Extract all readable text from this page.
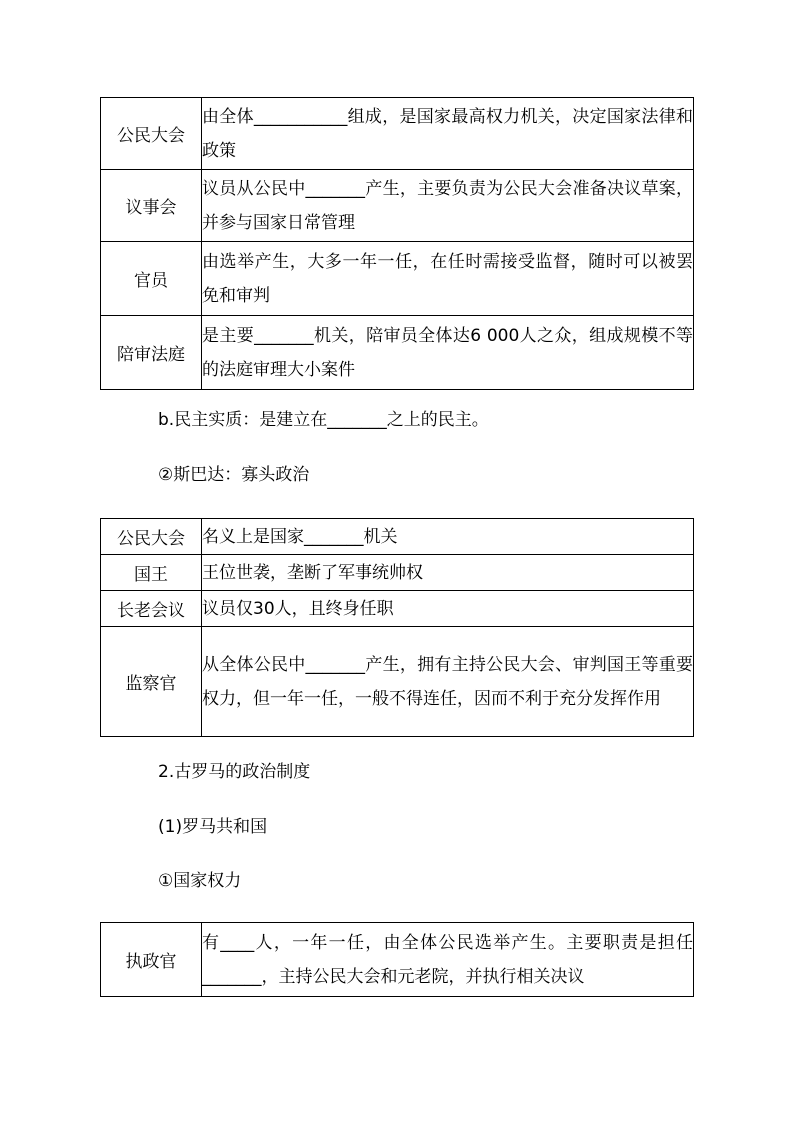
公民大会	由全体___________组成，是国家最高权力机关，决定国家法律和政策
议事会	议员从公民中_______产生，主要负责为公民大会准备决议草案，并参与国家日常管理
官员	由选举产生，大多一年一任，在任时需接受监督，随时可以被罢免和审判
陪审法庭	是主要_______机关，陪审员全体达6 000人之众，组成规模不等的法庭审理大小案件

b.民主实质：是建立在_______之上的民主。

②斯巴达：寡头政治

公民大会	名义上是国家_______机关
国王	王位世袭，垄断了军事统帅权
长老会议	议员仅30人，且终身任职
监察官	从全体公民中_______产生，拥有主持公民大会、审判国王等重要权力，但一年一任，一般不得连任，因而不利于充分发挥作用

2.古罗马的政治制度

(1)罗马共和国

①国家权力

执政官	有____人，一年一任，由全体公民选举产生。主要职责是担任_______，主持公民大会和元老院，并执行相关决议
